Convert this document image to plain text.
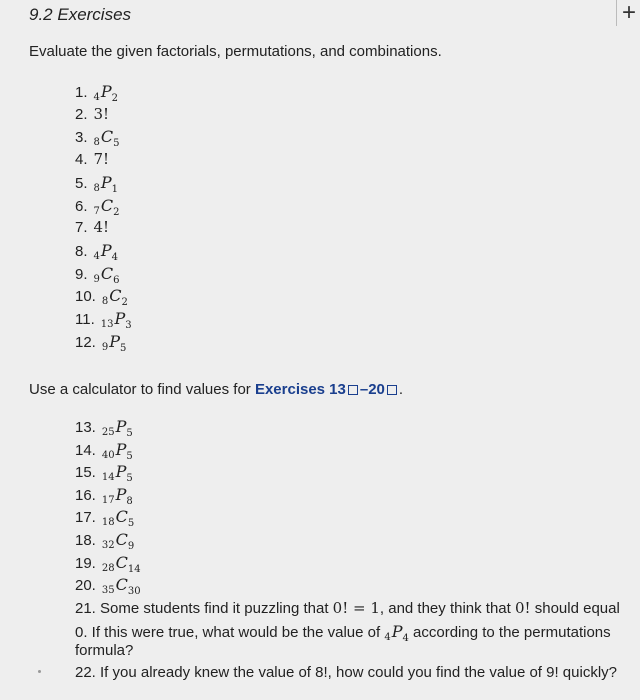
9.2 Exercises	+
Evaluate the given factorials, permutations, and combinations.
1. $_4P_2$
2. 3!
3. $_8C_5$
4. 7!
5. $_8P_1$
6. $_7C_2$
7. 4!
8. $_4P_4$
9. $_9C_6$
10. $_8C_2$
11. $_{13}P_3$
12. $_9P_5$
Use a calculator to find values for Exercises 13 –20 .
13. $_{25}P_5$
14. $_{40}P_5$
15. $_{14}P_5$
16. $_{17}P_8$
17. $_{18}C_5$
18. $_{32}C_9$
19. $_{28}C_{14}$
20. $_{35}C_{30}$
21. Some students find it puzzling that 0! = 1, and they think that 0! should equal
0. If this were true, what would be the value of $_4P_4$ according to the permutations
formula?
22. If you already knew the value of 8!, how could you find the value of 9! quickly?
